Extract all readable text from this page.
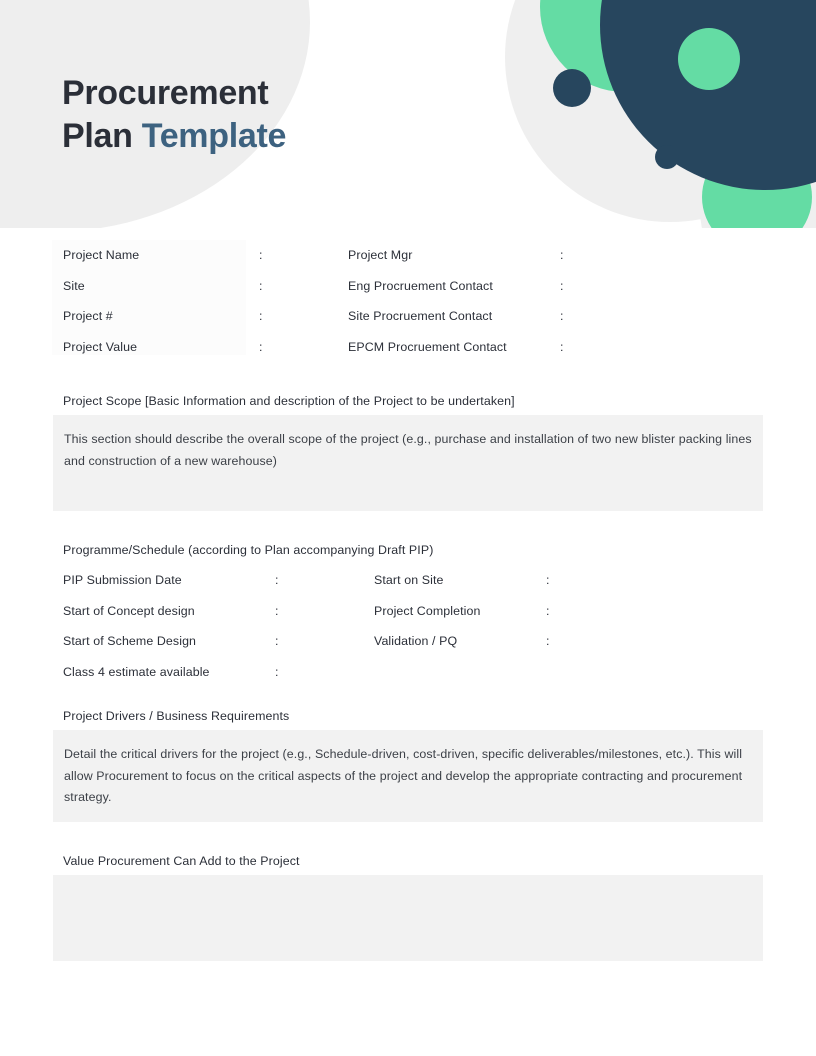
Procurement
Plan Template
Project Name	:	Project Mgr	:
Site	:	Eng Procruement Contact	:
Project #	:	Site Procruement Contact	:
Project Value	:	EPCM Procruement Contact	:
Project Scope [Basic Information and description of the Project to be undertaken]

This section should describe the overall scope of the project (e.g., purchase and installation of two new blister packing lines and construction of a new warehouse)

Programme/Schedule (according to Plan accompanying Draft PIP)
PIP Submission Date	:	Start on Site	:
Start of Concept design	:	Project Completion	:
Start of Scheme Design	:	Validation / PQ	:
Class 4 estimate available	:
Project Drivers / Business Requirements

Detail the critical drivers for the project (e.g., Schedule-driven, cost-driven, specific deliverables/milestones, etc.). This will allow Procurement to focus on the critical aspects of the project and develop the appropriate contracting and procurement strategy.

Value Procurement Can Add to the Project
